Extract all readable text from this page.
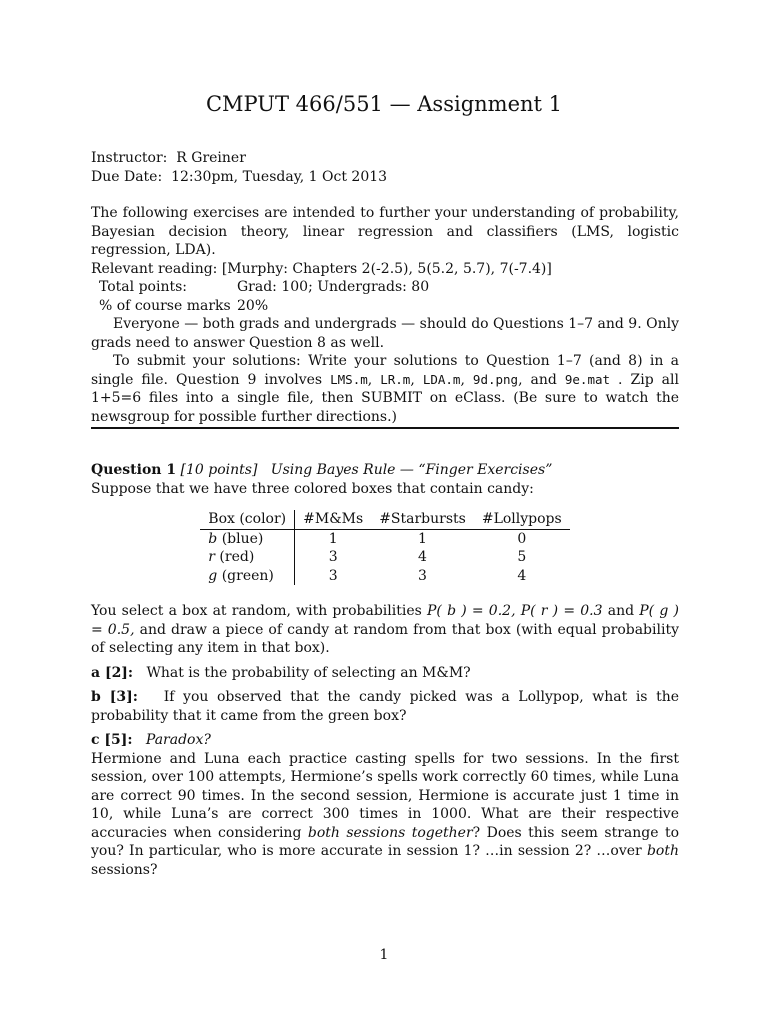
CMPUT 466/551 — Assignment 1

Instructor: R Greiner

Due Date: 12:30pm, Tuesday, 1 Oct 2013

The following exercises are intended to further your understanding of probability, Bayesian decision theory, linear regression and classifiers (LMS, logistic regression, LDA).

Relevant reading: [Murphy: Chapters 2(-2.5), 5(5.2, 5.7), 7(-7.4)]

Total points:	Grad: 100; Undergrads: 80

% of course marks 20%

Everyone — both grads and undergrads — should do Questions 1–7 and 9. Only grads need to answer Question 8 as well.

To submit your solutions: Write your solutions to Question 1–7 (and 8) in a single file. Question 9 involves LMS.m, LR.m, LDA.m, 9d.png, and 9e.mat . Zip all 1+5=6 files into a single file, then SUBMIT on eClass. (Be sure to watch the newsgroup for possible further directions.)

Question 1 [10 points] Using Bayes Rule — “Finger Exercises”

Suppose that we have three colored boxes that contain candy:

Box (color)	#M&Ms	#Starbursts	#Lollypops
b (blue)	1	1	0
r (red)	3	4	5
g (green)	3	3	4

You select a box at random, with probabilities P( b ) = 0.2, P( r ) = 0.3 and P( g ) = 0.5, and draw a piece of candy at random from that box (with equal probability of selecting any item in that box).

a [2]: What is the probability of selecting an M&M?

b [3]: If you observed that the candy picked was a Lollypop, what is the probability that it came from the green box?

c [5]: Paradox?

Hermione and Luna each practice casting spells for two sessions. In the first session, over 100 attempts, Hermione’s spells work correctly 60 times, while Luna are correct 90 times. In the second session, Hermione is accurate just 1 time in 10, while Luna’s are correct 300 times in 1000. What are their respective accuracies when considering both sessions together? Does this seem strange to you? In particular, who is more accurate in session 1? …in session 2? …over both sessions?

1
